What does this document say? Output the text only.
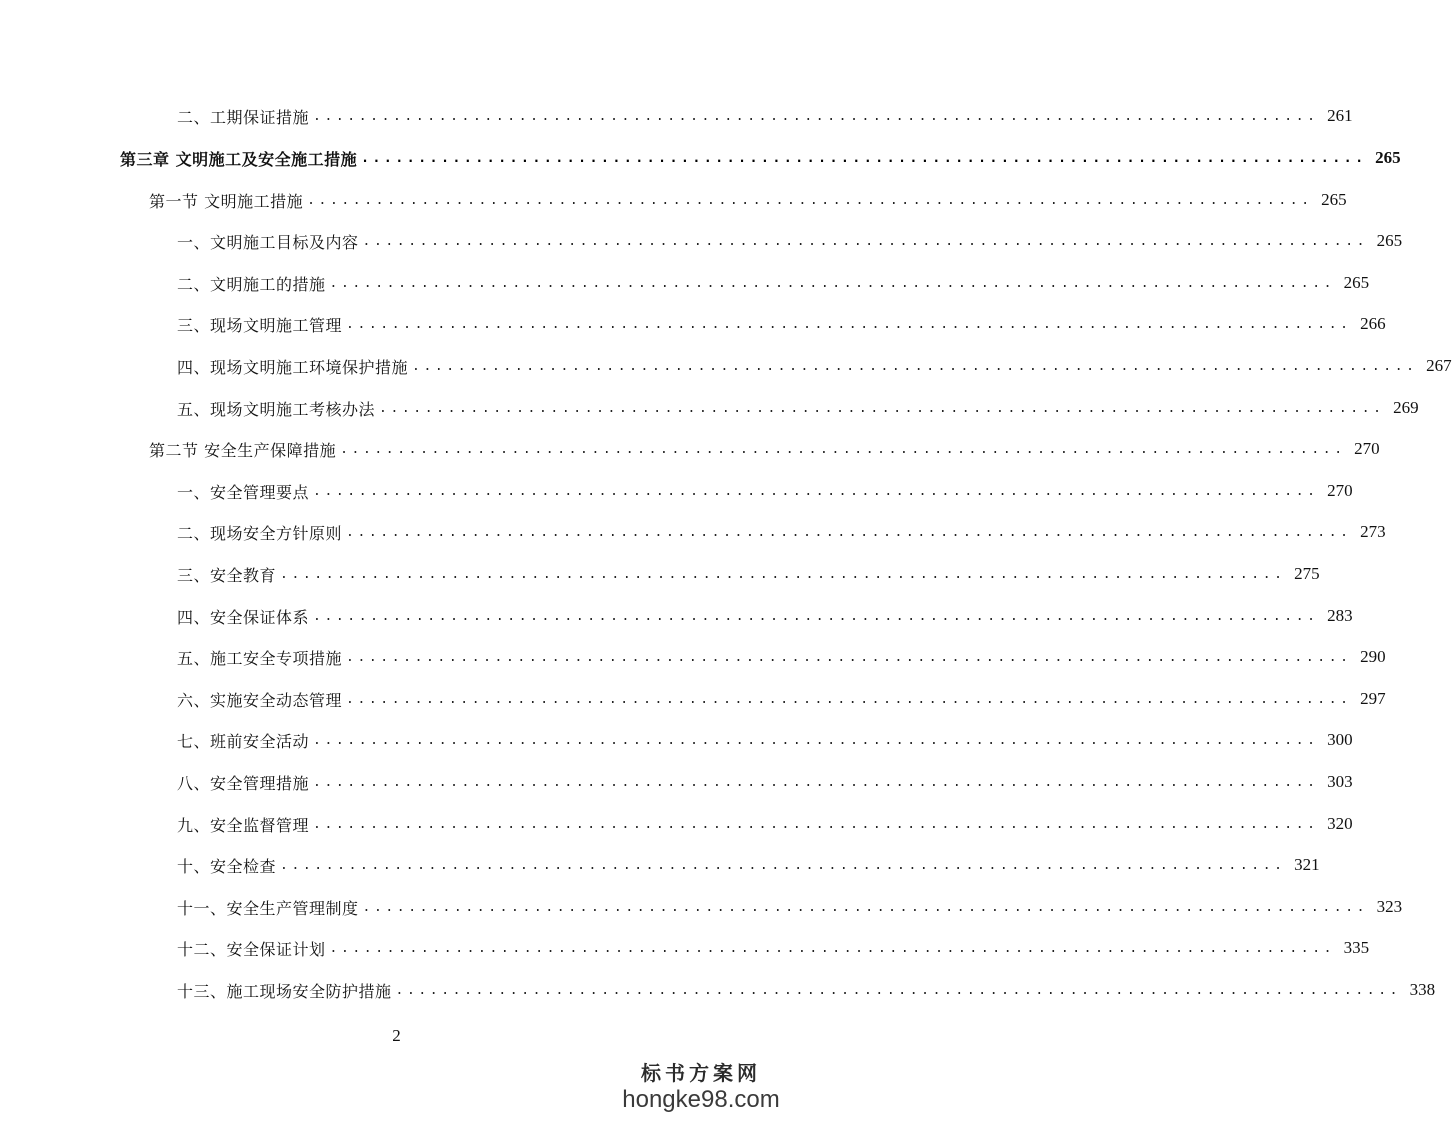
二、工期保证措施 ........................................................................................ 261
第三章 文明施工及安全施工措施 ........................................................................................ 265
第一节 文明施工措施 ........................................................................................ 265
一、文明施工目标及内容 ........................................................................................ 265
二、文明施工的措施 ........................................................................................ 265
三、现场文明施工管理 ........................................................................................ 266
四、现场文明施工环境保护措施 ........................................................................................ 267
五、现场文明施工考核办法 ........................................................................................ 269
第二节 安全生产保障措施 ........................................................................................ 270
一、安全管理要点 ........................................................................................ 270
二、现场安全方针原则 ........................................................................................ 273
三、安全教育 ........................................................................................ 275
四、安全保证体系 ........................................................................................ 283
五、施工安全专项措施 ........................................................................................ 290
六、实施安全动态管理 ........................................................................................ 297
七、班前安全活动 ........................................................................................ 300
八、安全管理措施 ........................................................................................ 303
九、安全监督管理 ........................................................................................ 320
十、安全检查 ........................................................................................ 321
十一、安全生产管理制度 ........................................................................................ 323
十二、安全保证计划 ........................................................................................ 335
十三、施工现场安全防护措施 ........................................................................................ 338
2
标书方案网
hongke98.com
